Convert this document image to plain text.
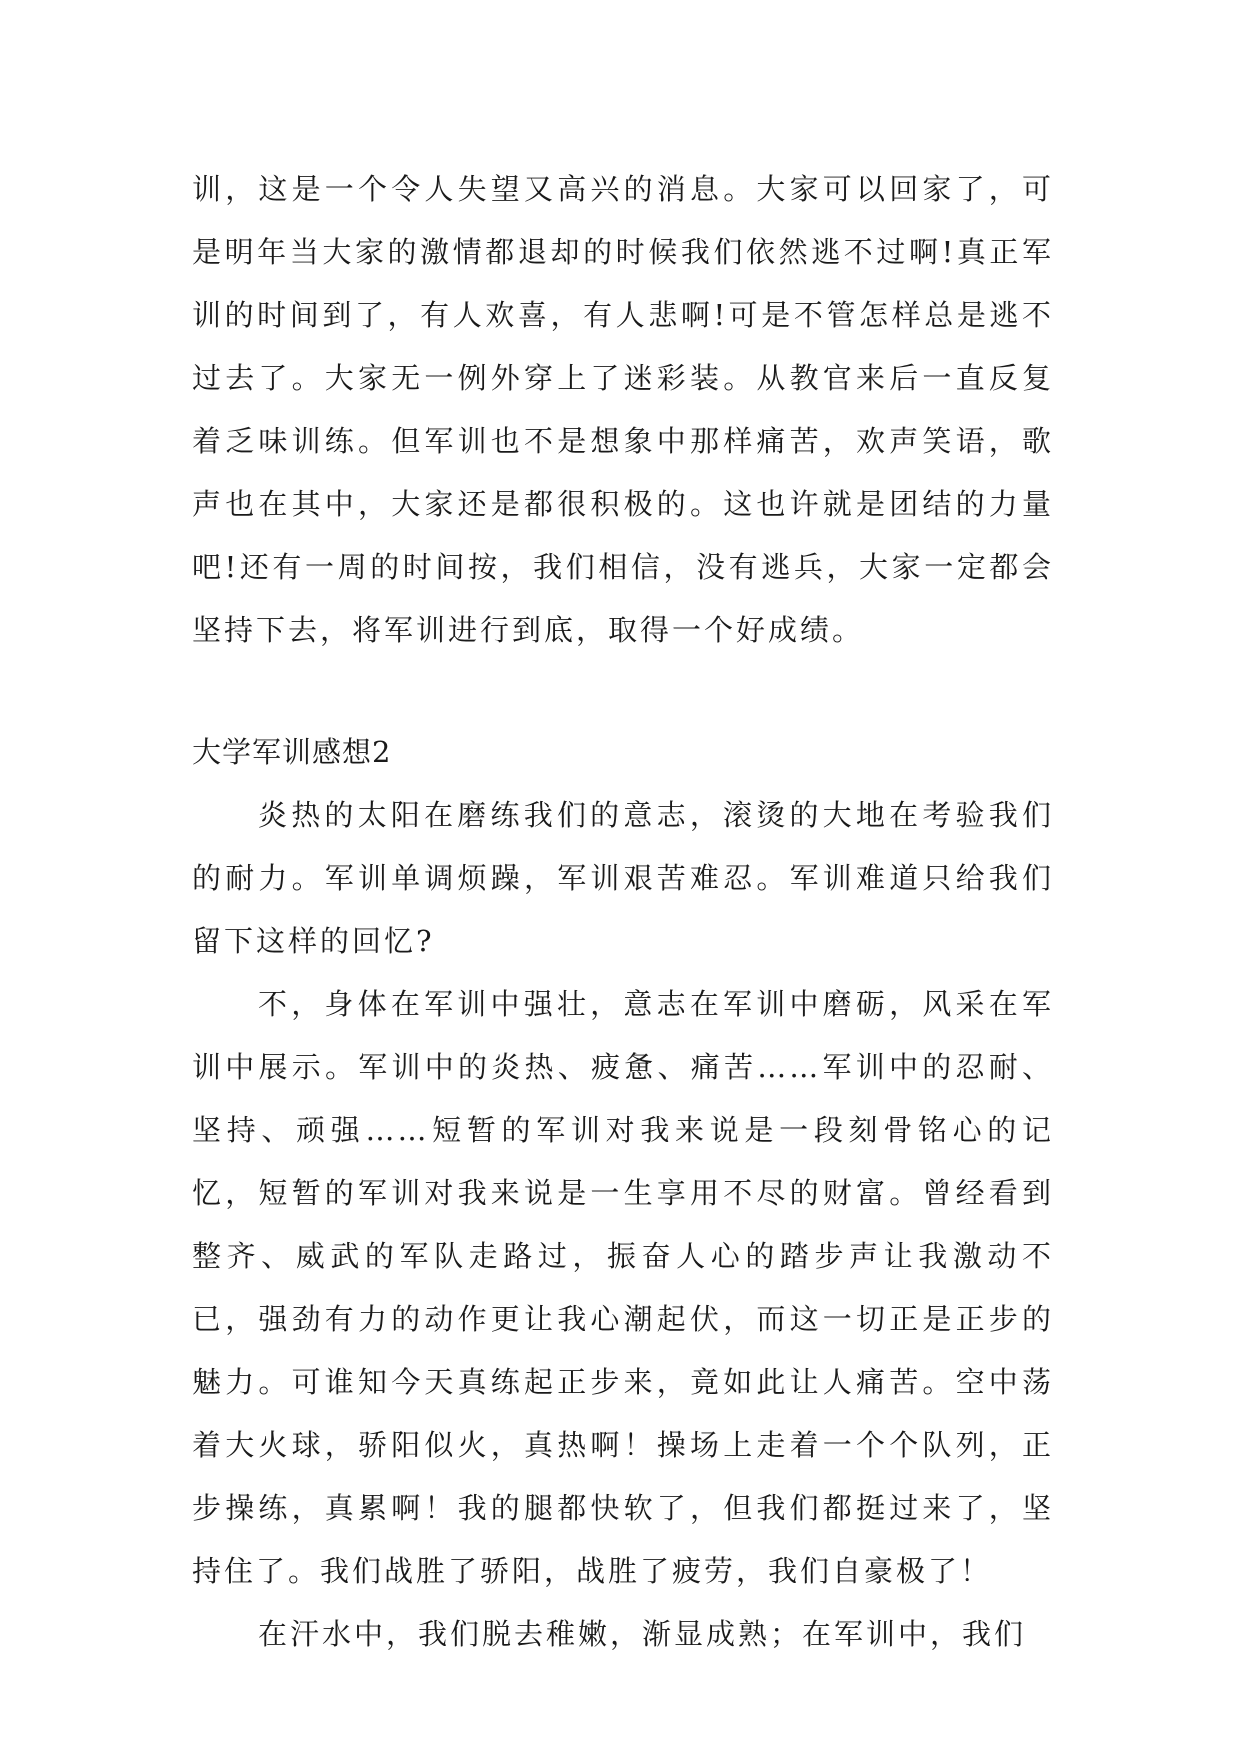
训，这是一个令人失望又高兴的消息。大家可以回家了，可是明年当大家的激情都退却的时候我们依然逃不过啊!真正军训的时间到了，有人欢喜，有人悲啊!可是不管怎样总是逃不过去了。大家无一例外穿上了迷彩装。从教官来后一直反复着乏味训练。但军训也不是想象中那样痛苦，欢声笑语，歌声也在其中，大家还是都很积极的。这也许就是团结的力量吧!还有一周的时间按，我们相信，没有逃兵，大家一定都会坚持下去，将军训进行到底，取得一个好成绩。

大学军训感想2

炎热的太阳在磨练我们的意志，滚烫的大地在考验我们的耐力。军训单调烦躁，军训艰苦难忍。军训难道只给我们留下这样的回忆?

不，身体在军训中强壮，意志在军训中磨砺，风采在军训中展示。军训中的炎热、疲惫、痛苦……军训中的忍耐、坚持、顽强……短暂的军训对我来说是一段刻骨铭心的记忆，短暂的军训对我来说是一生享用不尽的财富。曾经看到整齐、威武的军队走路过，振奋人心的踏步声让我激动不已，强劲有力的动作更让我心潮起伏，而这一切正是正步的魅力。可谁知今天真练起正步来，竟如此让人痛苦。空中荡着大火球，骄阳似火，真热啊！操场上走着一个个队列，正步操练，真累啊！我的腿都快软了，但我们都挺过来了，坚持住了。我们战胜了骄阳，战胜了疲劳，我们自豪极了！

在汗水中，我们脱去稚嫩，渐显成熟；在军训中，我们
